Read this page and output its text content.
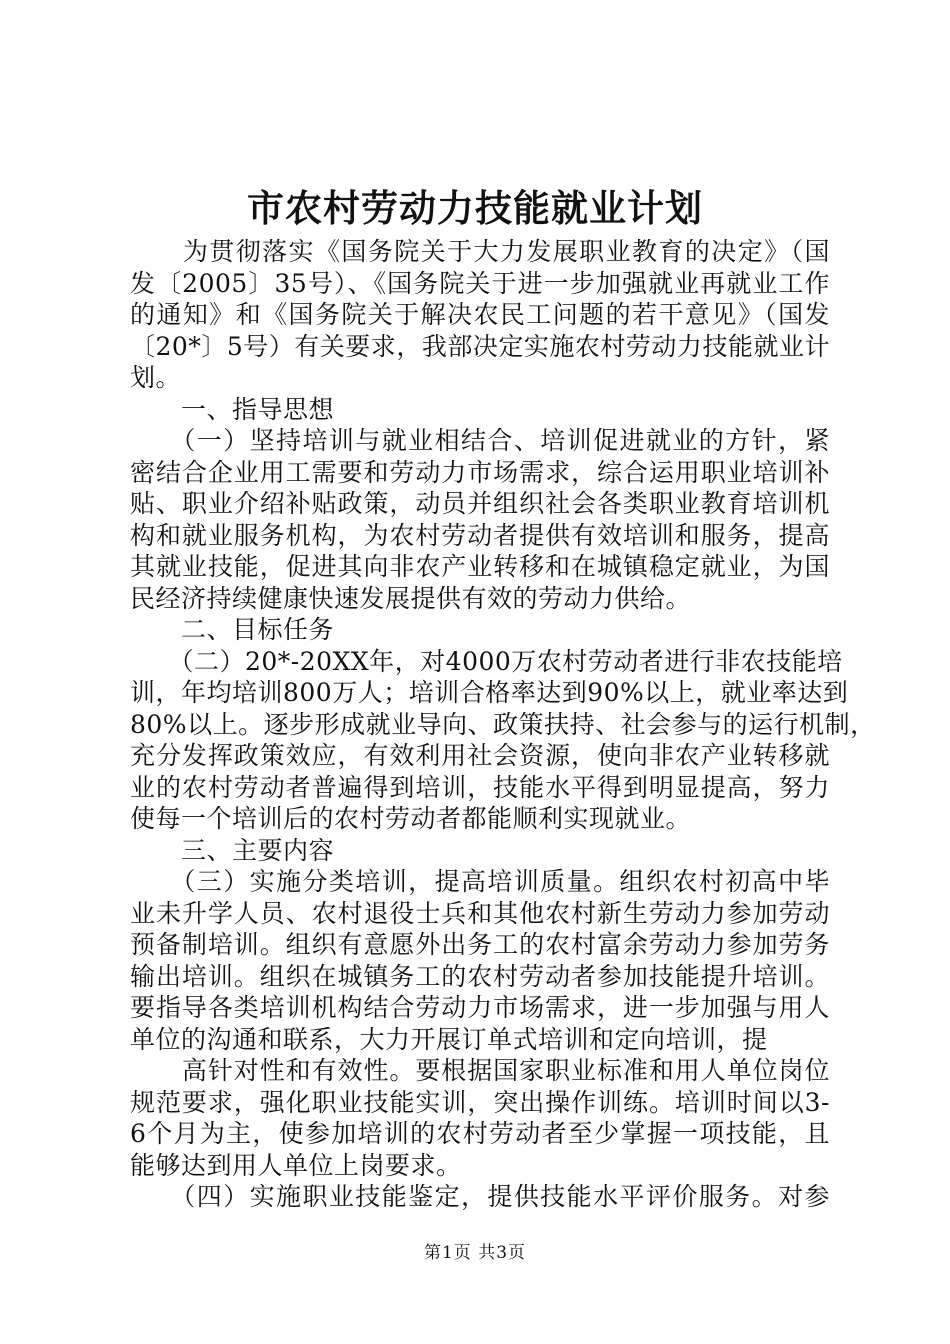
市农村劳动力技能就业计划
　　为贯彻落实《国务院关于大力发展职业教育的决定》（国
发〔2005〕35号）、《国务院关于进一步加强就业再就业工作
的通知》和《国务院关于解决农民工问题的若干意见》（国发
〔20*〕5号）有关要求，我部决定实施农村劳动力技能就业计
划。
　　一、指导思想
　　（一）坚持培训与就业相结合、培训促进就业的方针，紧
密结合企业用工需要和劳动力市场需求，综合运用职业培训补
贴、职业介绍补贴政策，动员并组织社会各类职业教育培训机
构和就业服务机构，为农村劳动者提供有效培训和服务，提高
其就业技能，促进其向非农产业转移和在城镇稳定就业，为国
民经济持续健康快速发展提供有效的劳动力供给。
　　二、目标任务
　　（二）20*-20XX年，对4000万农村劳动者进行非农技能培
训，年均培训800万人；培训合格率达到90%以上，就业率达到
80%以上。逐步形成就业导向、政策扶持、社会参与的运行机制，
充分发挥政策效应，有效利用社会资源，使向非农产业转移就
业的农村劳动者普遍得到培训，技能水平得到明显提高，努力
使每一个培训后的农村劳动者都能顺利实现就业。
　　三、主要内容
　　（三）实施分类培训，提高培训质量。组织农村初高中毕
业未升学人员、农村退役士兵和其他农村新生劳动力参加劳动
预备制培训。组织有意愿外出务工的农村富余劳动力参加劳务
输出培训。组织在城镇务工的农村劳动者参加技能提升培训。
要指导各类培训机构结合劳动力市场需求，进一步加强与用人
单位的沟通和联系，大力开展订单式培训和定向培训，提
　　高针对性和有效性。要根据国家职业标准和用人单位岗位
规范要求，强化职业技能实训，突出操作训练。培训时间以3-
6个月为主，使参加培训的农村劳动者至少掌握一项技能，且
能够达到用人单位上岗要求。
　　（四）实施职业技能鉴定，提供技能水平评价服务。对参
第1页 共3页
